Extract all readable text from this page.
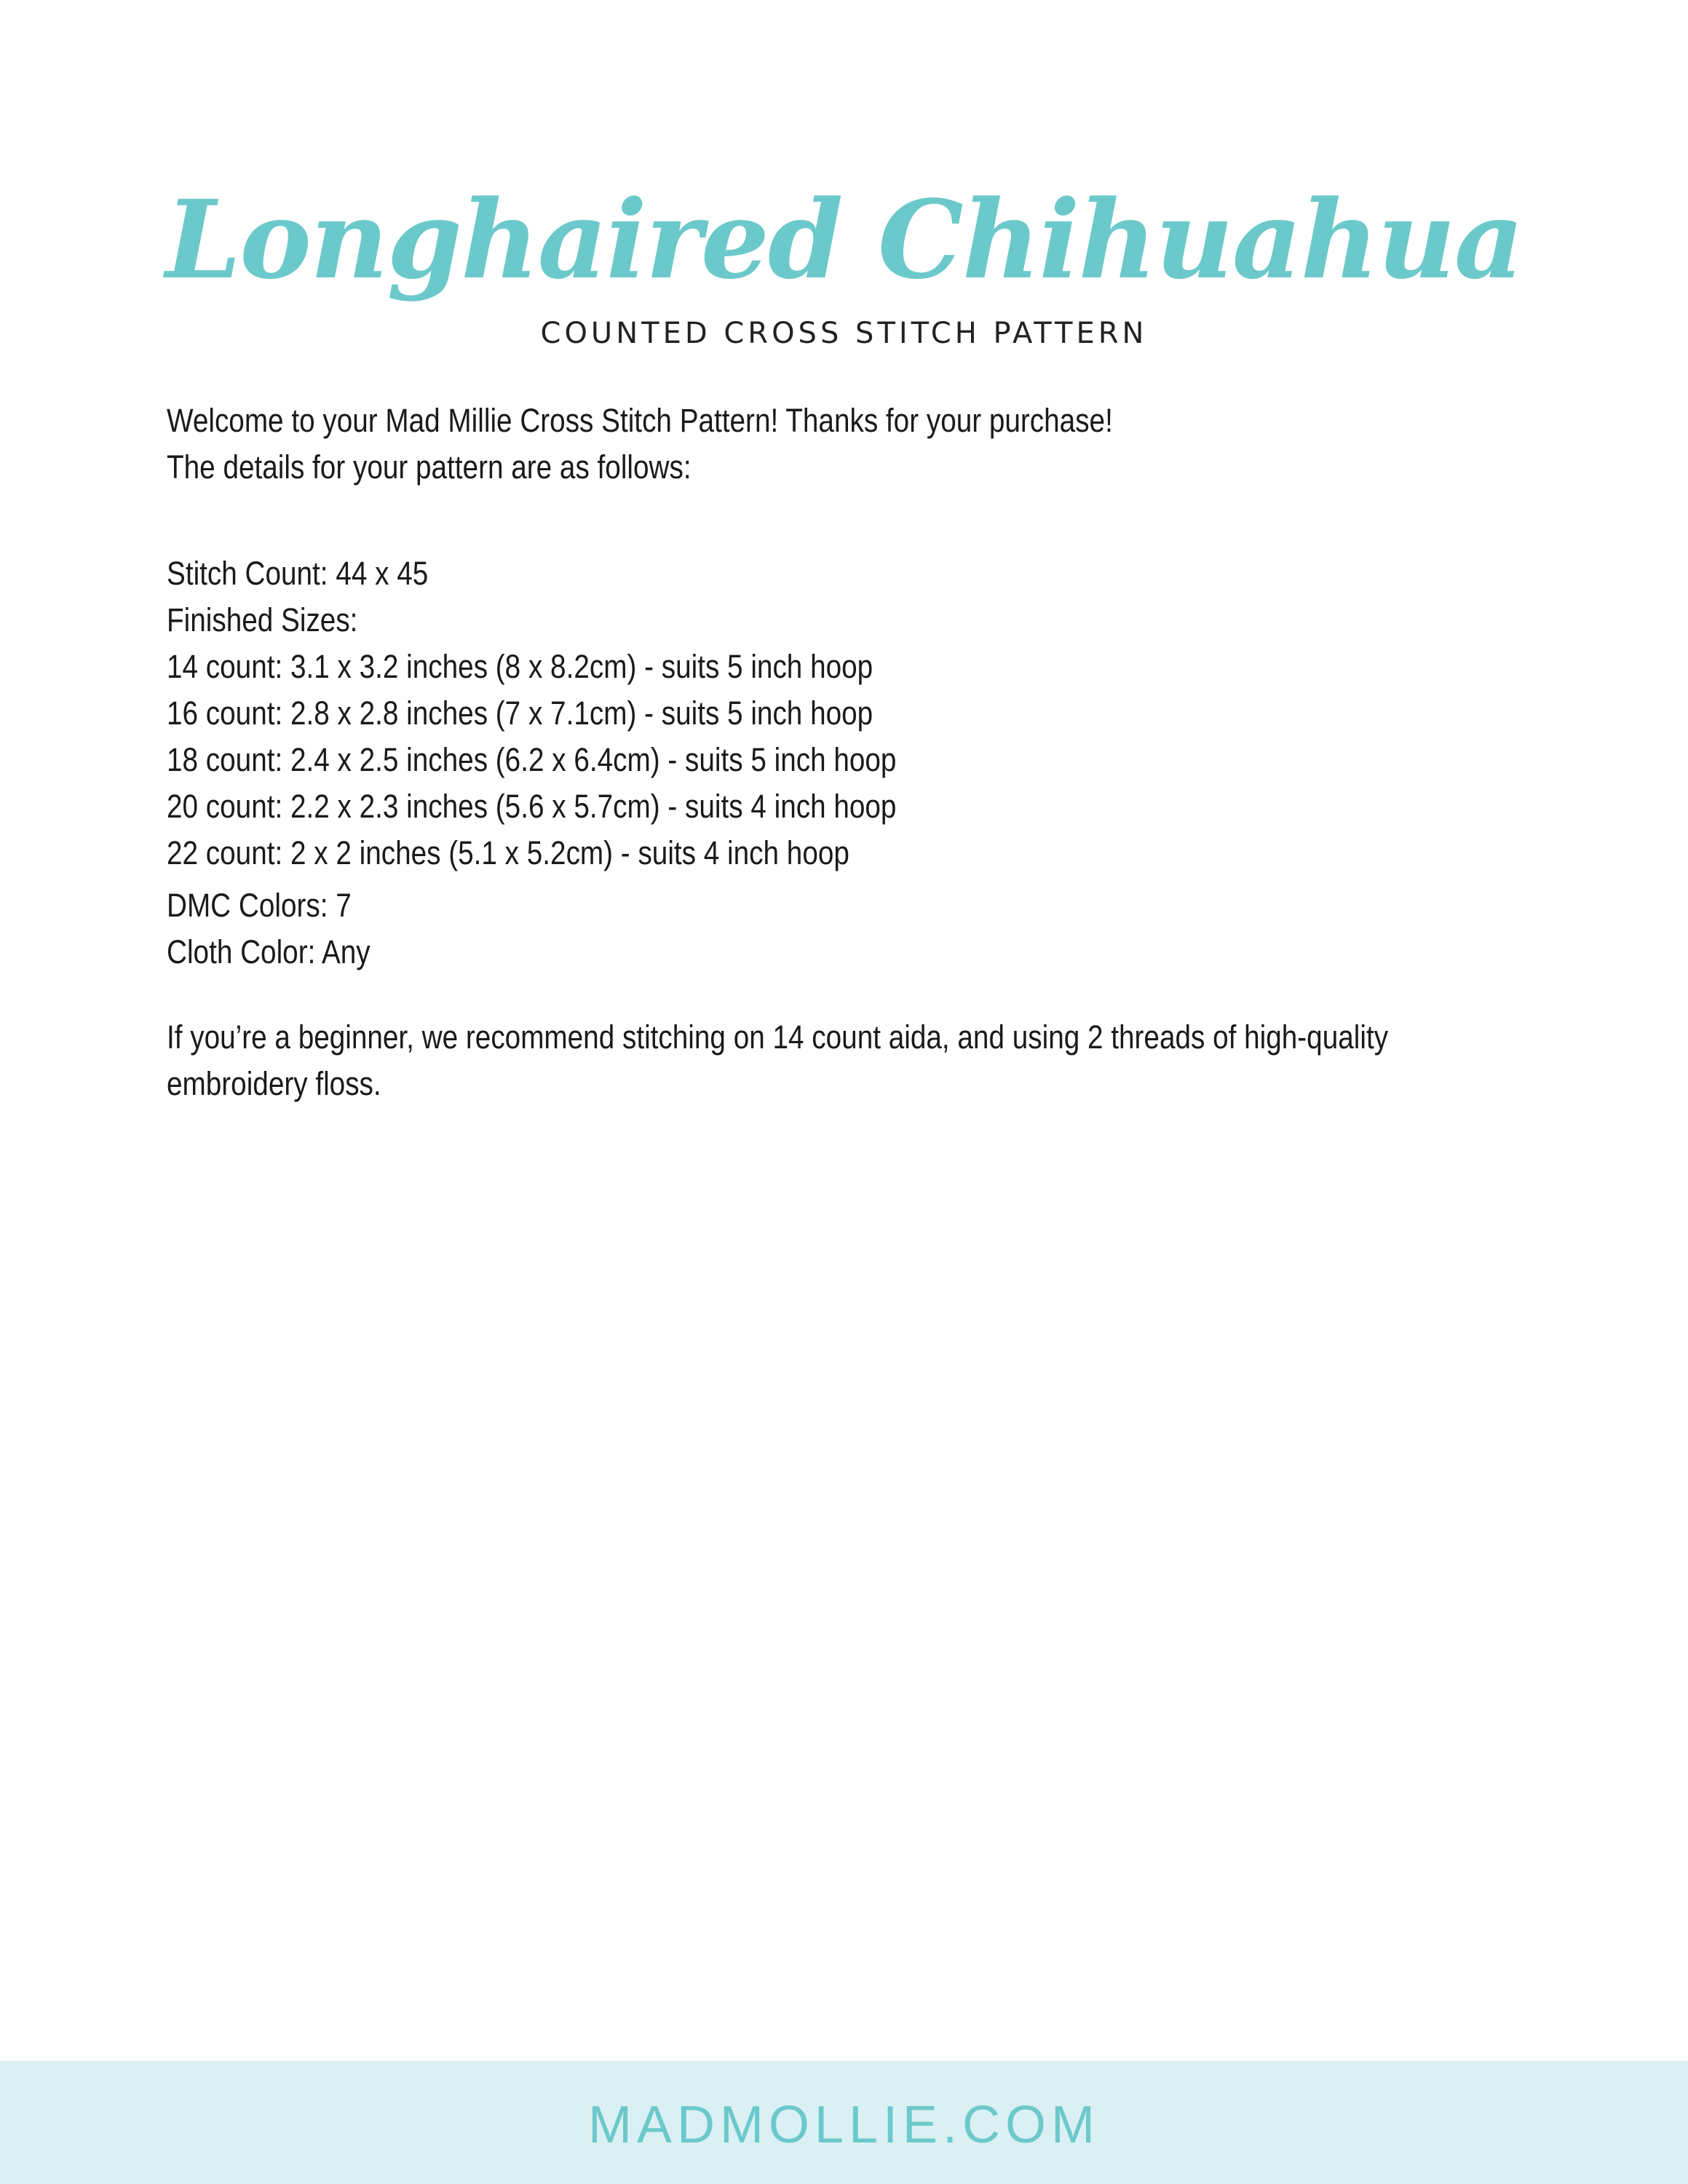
Longhaired Chihuahua
COUNTED CROSS STITCH PATTERN
Welcome to your Mad Millie Cross Stitch Pattern! Thanks for your purchase!
The details for your pattern are as follows:
Stitch Count: 44 x 45
Finished Sizes:
14 count: 3.1 x 3.2 inches (8 x 8.2cm) - suits 5 inch hoop
16 count: 2.8 x 2.8 inches (7 x 7.1cm) - suits 5 inch hoop
18 count: 2.4 x 2.5 inches (6.2 x 6.4cm) - suits 5 inch hoop
20 count: 2.2 x 2.3 inches (5.6 x 5.7cm) - suits 4 inch hoop
22 count: 2 x 2 inches (5.1 x 5.2cm) - suits 4 inch hoop
DMC Colors: 7
Cloth Color: Any
If you’re a beginner, we recommend stitching on 14 count aida, and using 2 threads of high-quality
embroidery floss.
MADMOLLIE.COM
